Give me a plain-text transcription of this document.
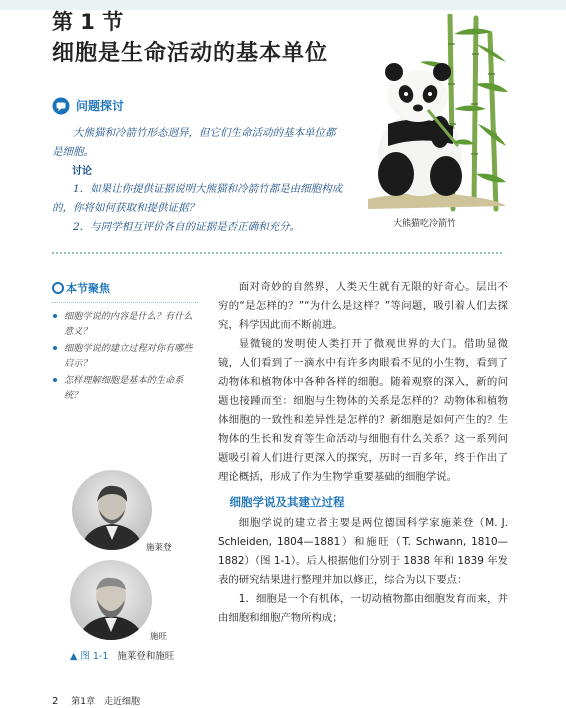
第 1 节
细胞是生命活动的基本单位
问题探讨
大熊猫和冷箭竹形态迥异，但它们生命活动的基本单位都是细胞。
讨论
1．如果让你提供证据说明大熊猫和冷箭竹都是由细胞构成的，你将如何获取和提供证据？
2．与同学相互评价各自的证据是否正确和充分。	大熊猫吃冷箭竹
本节聚焦
细胞学说的内容是什么？有什么意义？
细胞学说的建立过程对你有哪些启示？
怎样理解细胞是基本的生命系统？

面对奇妙的自然界，人类天生就有无限的好奇心。层出不穷的“是怎样的？”“为什么是这样？”等问题，吸引着人们去探究，科学因此而不断前进。

显微镜的发明使人类打开了微观世界的大门。借助显微镜，人们看到了一滴水中有许多肉眼看不见的小生物，看到了动物体和植物体中各种各样的细胞。随着观察的深入，新的问题也接踵而至：细胞与生物体的关系是怎样的？动物体和植物体细胞的一致性和差异性是怎样的？新细胞是如何产生的？生物体的生长和发育等生命活动与细胞有什么关系？这一系列问题吸引着人们进行更深入的探究，历时一百多年，终于作出了理论概括，形成了作为生物学重要基础的细胞学说。

细胞学说及其建立过程

细胞学说的建立者主要是两位德国科学家施莱登（M. J. Schleiden, 1804—1881）和施旺（T. Schwann, 1810—1882）（图 1-1）。后人根据他们分别于 1838 年和 1839 年发表的研究结果进行整理并加以修正，综合为以下要点：

1．细胞是一个有机体，一切动植物都由细胞发育而来，并由细胞和细胞产物所构成；

施莱登
施旺
▲ 图 1-1 施莱登和施旺
2 第1章　走近细胞
